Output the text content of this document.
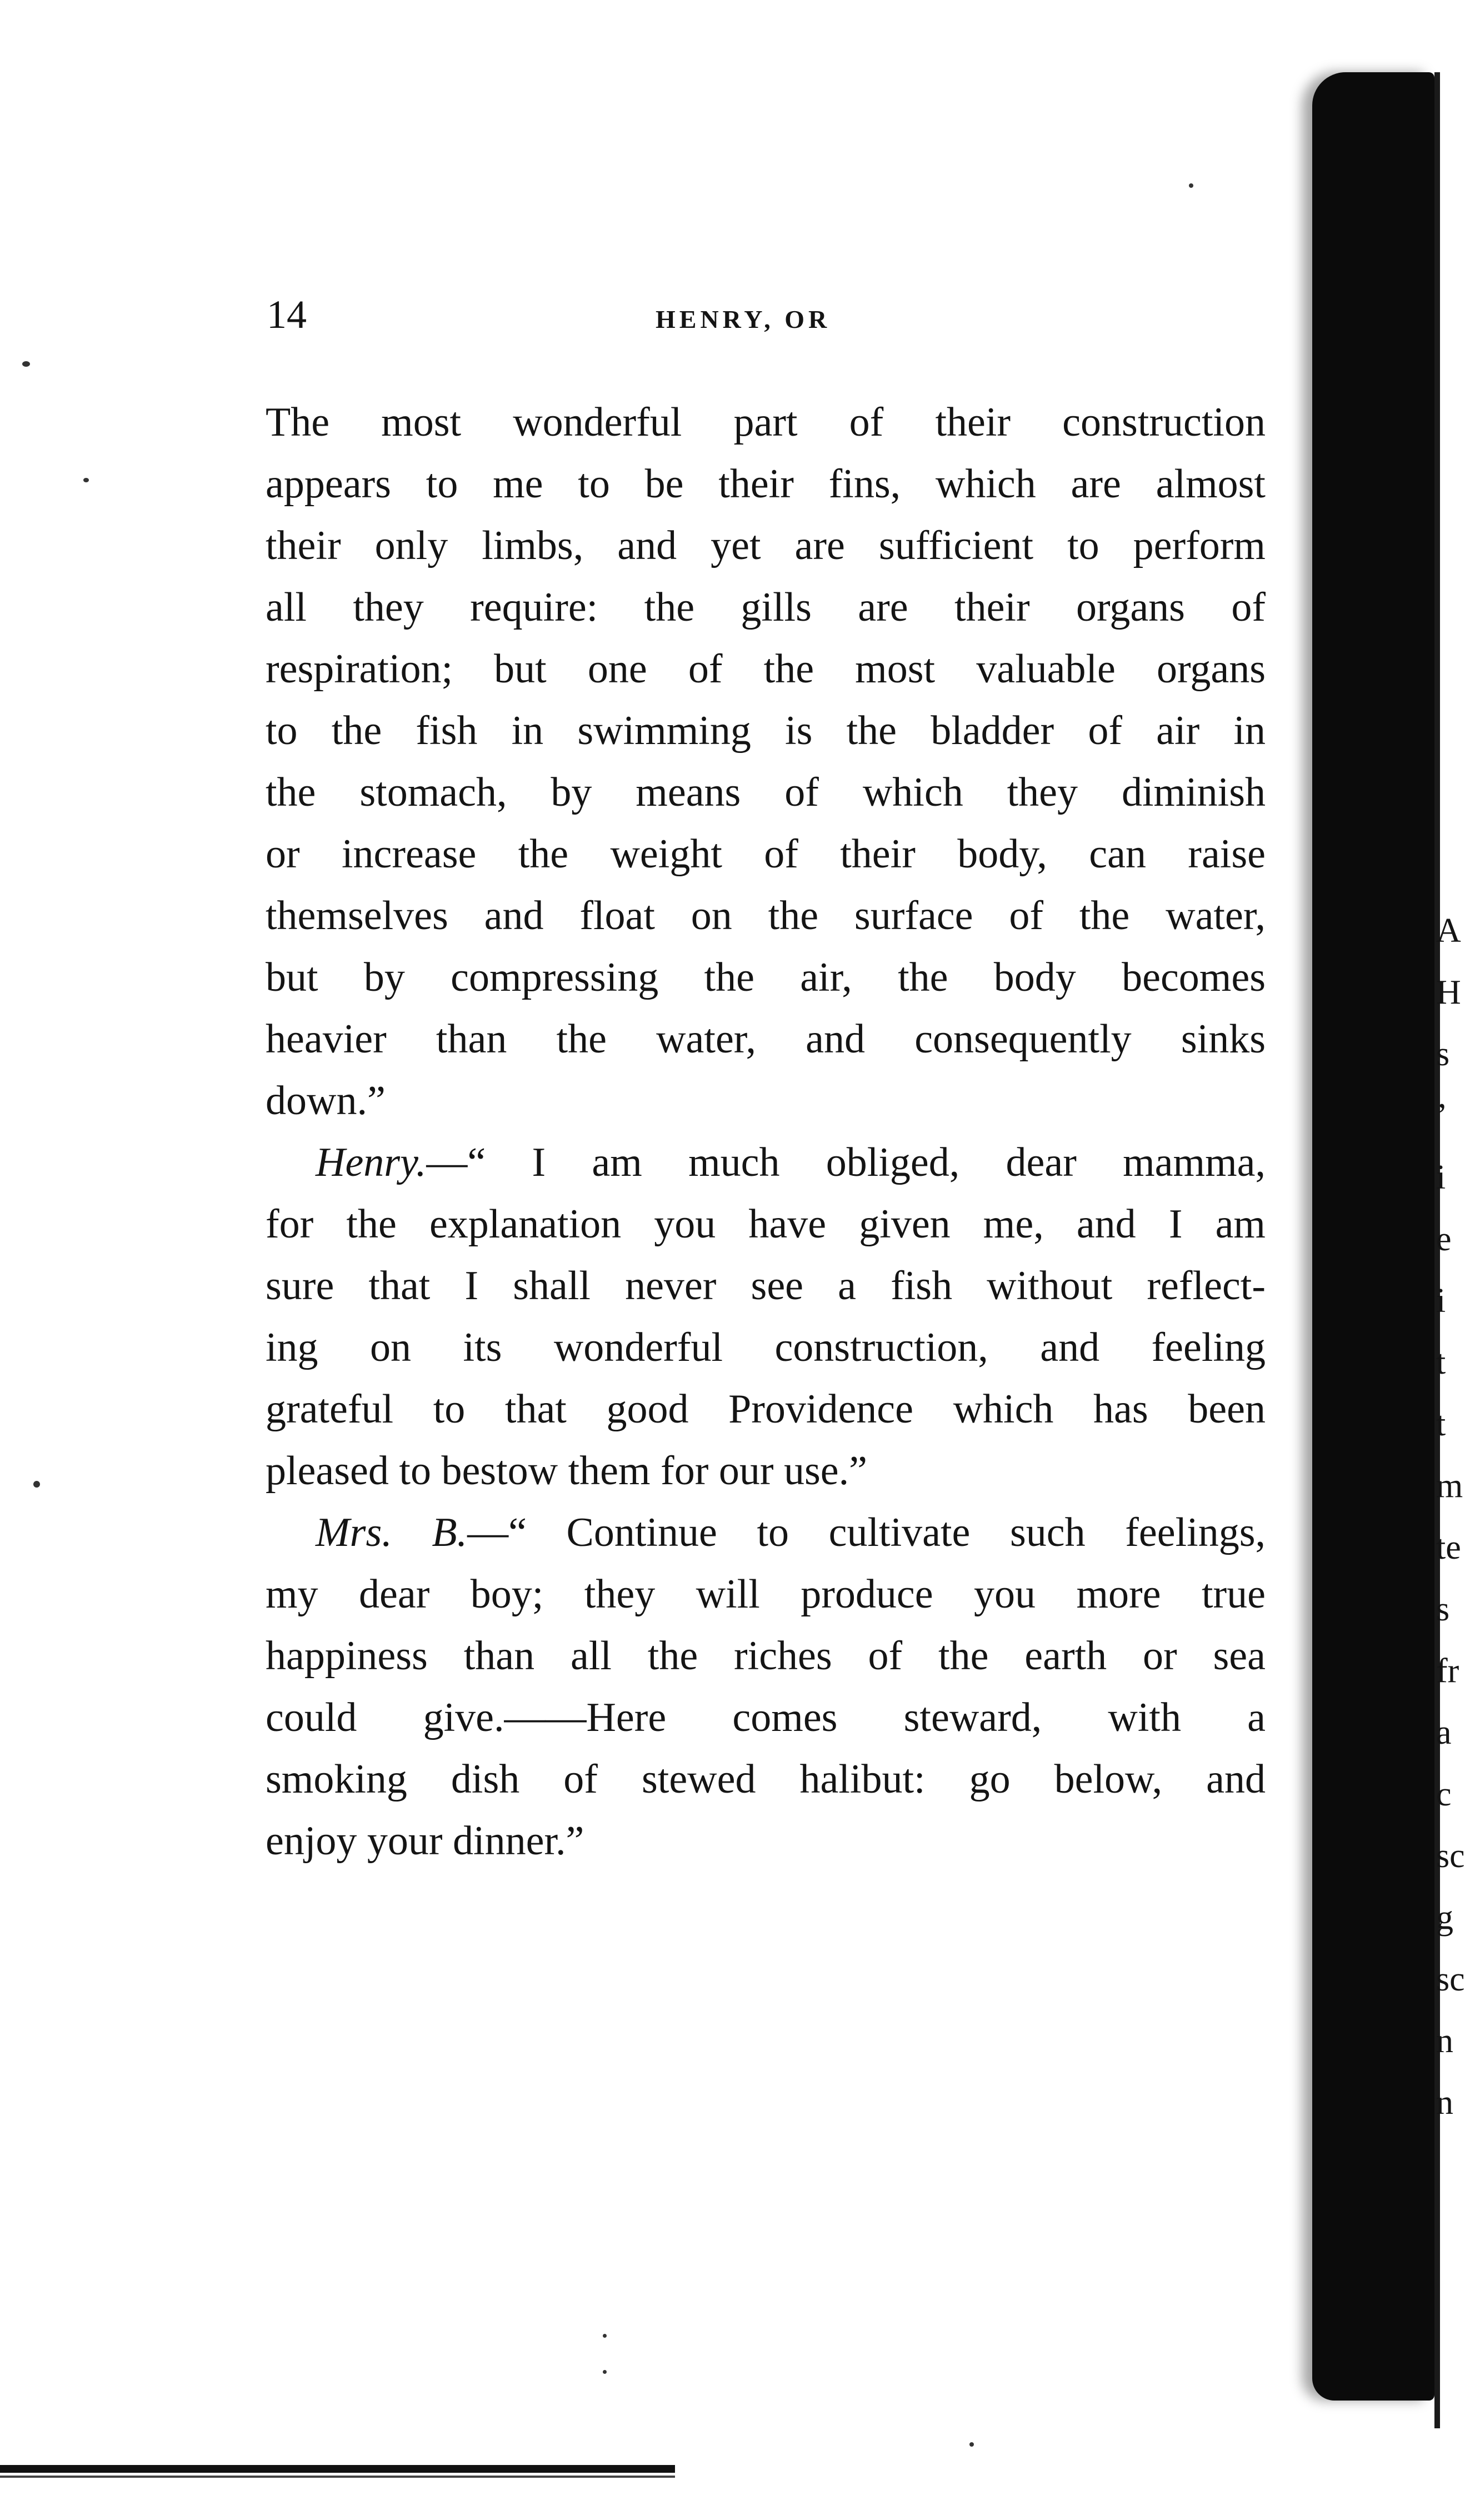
14	HENRY, OR
The most wonderful part of their construction
appears to me to be their fins, which are almost
their only limbs, and yet are sufficient to perform
all they require: the gills are their organs of
respiration; but one of the most valuable organs
to the fish in swimming is the bladder of air in
the stomach, by means of which they diminish
or increase the weight of their body, can raise
themselves and float on the surface of the water,
but by compressing the air, the body becomes
heavier than the water, and consequently sinks
down.”
Henry.—“ I am much obliged, dear mamma,
for the explanation you have given me, and I am
sure that I shall never see a fish without reflect-
ing on its wonderful construction, and feeling
grateful to that good Providence which has been
pleased to bestow them for our use.”
Mrs. B.—“ Continue to cultivate such feelings,
my dear boy; they will produce you more true
happiness than all the riches of the earth or sea
could give.——Here comes steward, with a
smoking dish of stewed halibut: go below, and
enjoy your dinner.”
A
H
s
’
i
e
i
t
t
m
te
s
fr
a
c
sc
g
sc
n
n
